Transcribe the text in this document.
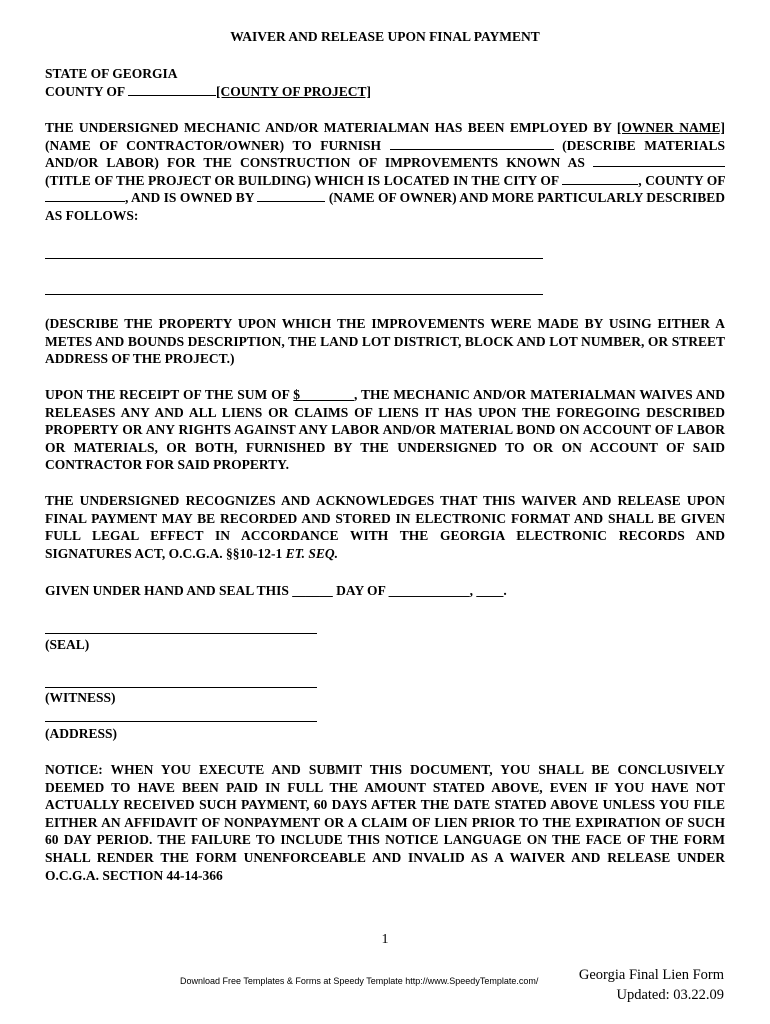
WAIVER AND RELEASE UPON FINAL PAYMENT
STATE OF GEORGIA
COUNTY OF	[COUNTY OF PROJECT]
THE UNDERSIGNED MECHANIC AND/OR MATERIALMAN HAS BEEN EMPLOYED BY [OWNER NAME] (NAME OF CONTRACTOR/OWNER) TO FURNISH	(DESCRIBE MATERIALS AND/OR LABOR) FOR THE CONSTRUCTION OF IMPROVEMENTS KNOWN AS  (TITLE OF THE PROJECT OR BUILDING) WHICH IS LOCATED IN THE CITY OF	, COUNTY OF , AND IS OWNED BY	(NAME OF OWNER) AND MORE PARTICULARLY DESCRIBED AS FOLLOWS:
(DESCRIBE THE PROPERTY UPON WHICH THE IMPROVEMENTS WERE MADE BY USING EITHER A METES AND BOUNDS DESCRIPTION, THE LAND LOT DISTRICT, BLOCK AND LOT NUMBER, OR STREET ADDRESS OF THE PROJECT.)
UPON THE RECEIPT OF THE SUM OF $________, THE MECHANIC AND/OR MATERIALMAN WAIVES AND RELEASES ANY AND ALL LIENS OR CLAIMS OF LIENS IT HAS UPON THE FOREGOING DESCRIBED PROPERTY OR ANY RIGHTS AGAINST ANY LABOR AND/OR MATERIAL BOND ON ACCOUNT OF LABOR OR MATERIALS, OR BOTH, FURNISHED BY THE UNDERSIGNED TO OR ON ACCOUNT OF SAID CONTRACTOR FOR SAID PROPERTY.
THE UNDERSIGNED RECOGNIZES AND ACKNOWLEDGES THAT THIS WAIVER AND RELEASE UPON FINAL PAYMENT MAY BE RECORDED AND STORED IN ELECTRONIC FORMAT AND SHALL BE GIVEN FULL LEGAL EFFECT IN ACCORDANCE WITH THE GEORGIA ELECTRONIC RECORDS AND SIGNATURES ACT, O.C.G.A. §§10-12-1 ET. SEQ.
GIVEN UNDER HAND AND SEAL THIS ______ DAY OF ____________, ____.
(SEAL)
(WITNESS)
(ADDRESS)
NOTICE: WHEN YOU EXECUTE AND SUBMIT THIS DOCUMENT, YOU SHALL BE CONCLUSIVELY DEEMED TO HAVE BEEN PAID IN FULL THE AMOUNT STATED ABOVE, EVEN IF YOU HAVE NOT ACTUALLY RECEIVED SUCH PAYMENT, 60 DAYS AFTER THE DATE STATED ABOVE UNLESS YOU FILE EITHER AN AFFIDAVIT OF NONPAYMENT OR A CLAIM OF LIEN PRIOR TO THE EXPIRATION OF SUCH 60 DAY PERIOD. THE FAILURE TO INCLUDE THIS NOTICE LANGUAGE ON THE FACE OF THE FORM SHALL RENDER THE FORM UNENFORCEABLE AND INVALID AS A WAIVER AND RELEASE UNDER O.C.G.A. SECTION 44-14-366
1
Download Free Templates & Forms at Speedy Template http://www.SpeedyTemplate.com/	Georgia Final Lien Form
Updated: 03.22.09
